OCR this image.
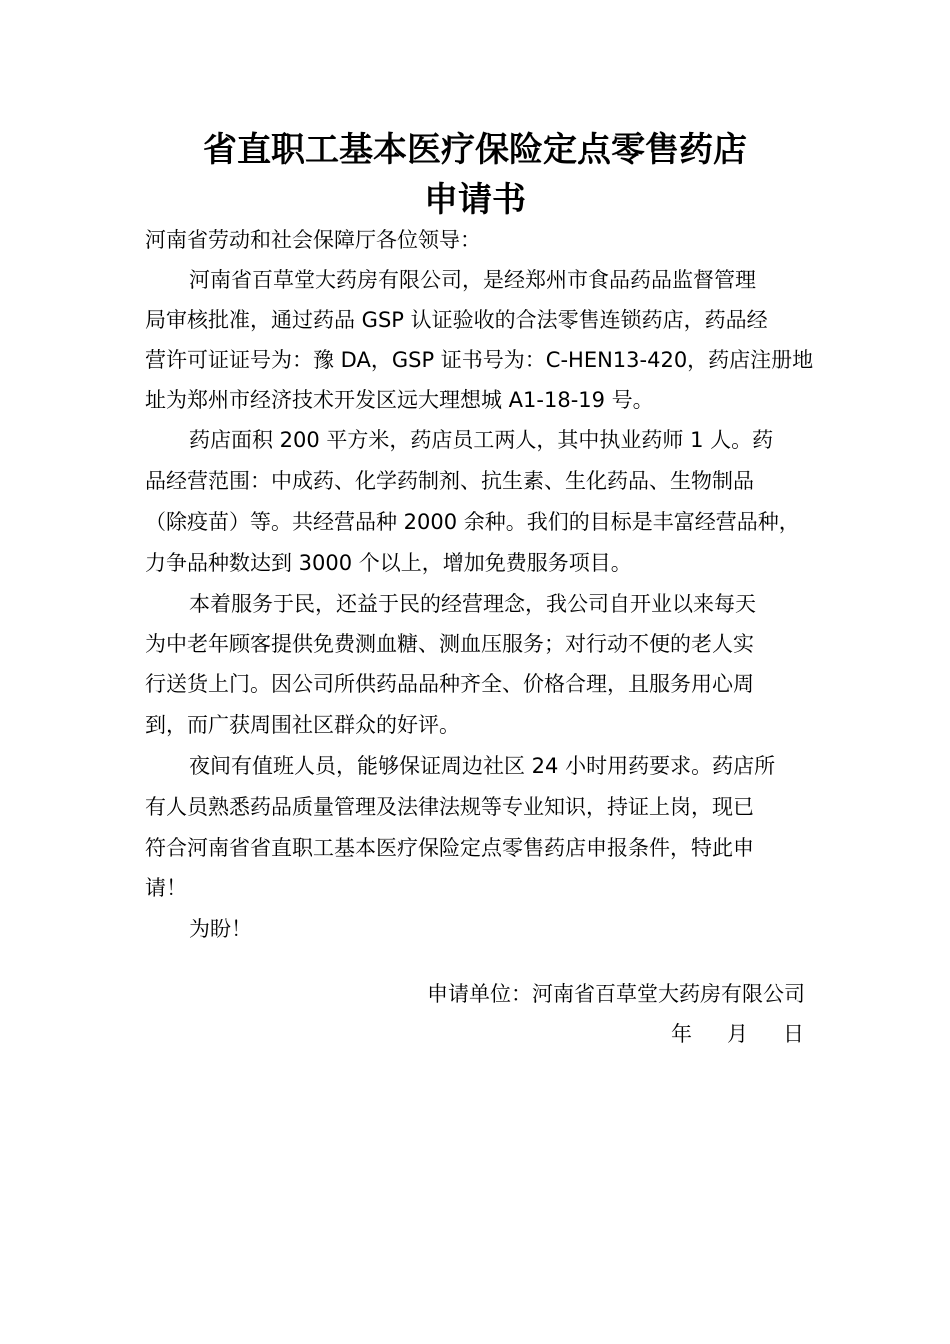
省直职工基本医疗保险定点零售药店
申请书
河南省劳动和社会保障厅各位领导：
河南省百草堂大药房有限公司，是经郑州市食品药品监督管理
局审核批准，通过药品 GSP 认证验收的合法零售连锁药店，药品经
营许可证证号为：豫 DA，GSP 证书号为：C-HEN13-420，药店注册地
址为郑州市经济技术开发区远大理想城 A1-18-19 号。
药店面积 200 平方米，药店员工两人，其中执业药师 1 人。药
品经营范围：中成药、化学药制剂、抗生素、生化药品、生物制品
（除疫苗）等。共经营品种 2000 余种。我们的目标是丰富经营品种，
力争品种数达到 3000 个以上，增加免费服务项目。
本着服务于民，还益于民的经营理念，我公司自开业以来每天
为中老年顾客提供免费测血糖、测血压服务；对行动不便的老人实
行送货上门。因公司所供药品品种齐全、价格合理，且服务用心周
到，而广获周围社区群众的好评。
夜间有值班人员，能够保证周边社区 24 小时用药要求。药店所
有人员熟悉药品质量管理及法律法规等专业知识，持证上岗，现已
符合河南省省直职工基本医疗保险定点零售药店申报条件，特此申
请！
为盼！
申请单位：河南省百草堂大药房有限公司
年	月	日
